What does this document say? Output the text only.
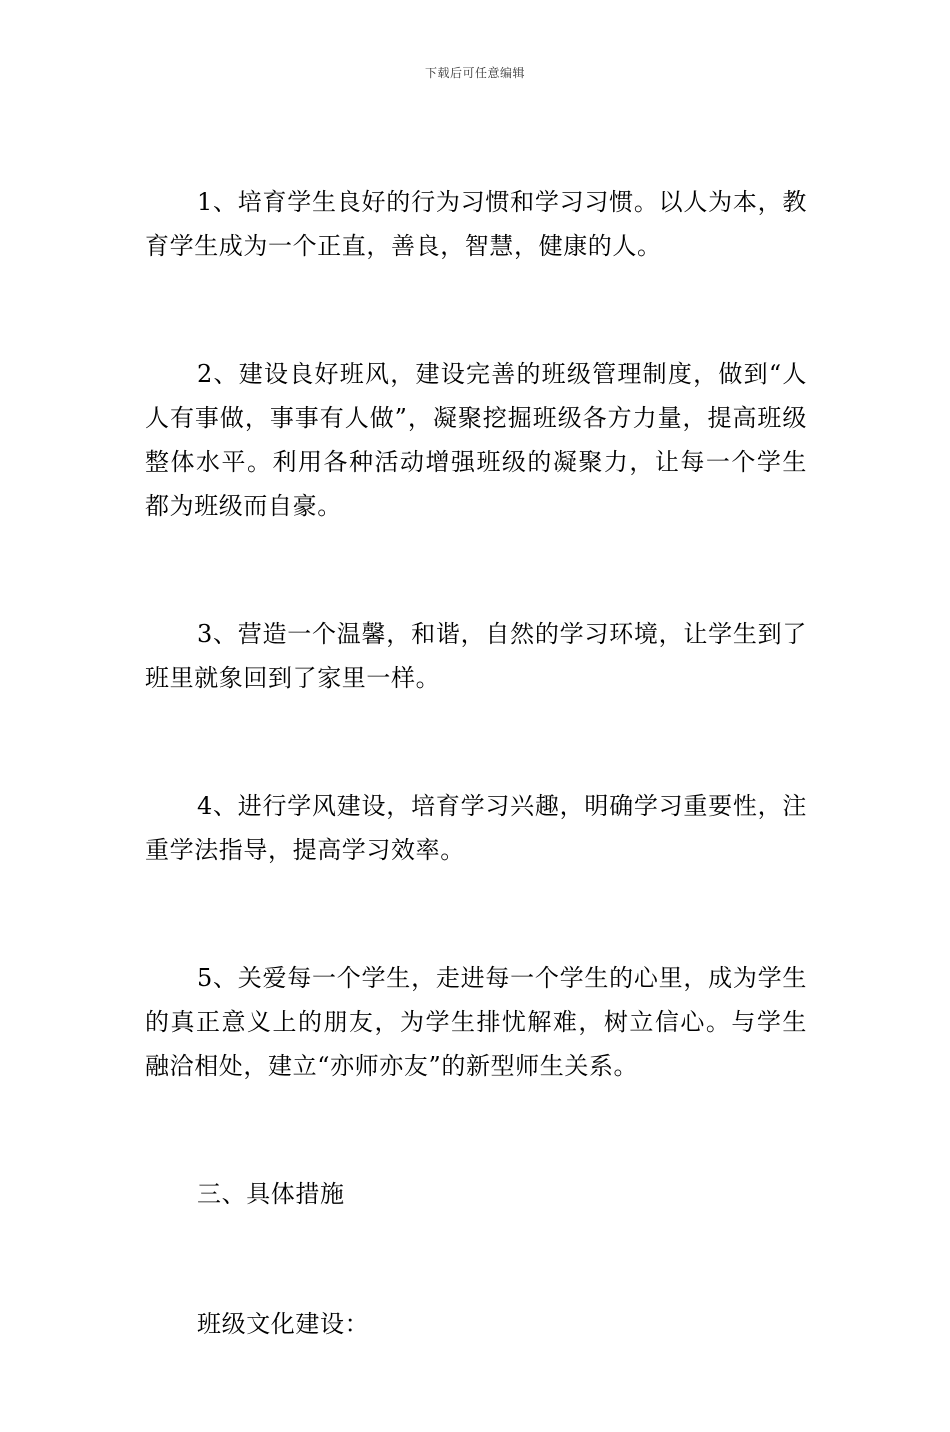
下载后可任意编辑

1、培育学生良好的行为习惯和学习习惯。以人为本，教育学生成为一个正直，善良，智慧，健康的人。

2、建设良好班风，建设完善的班级管理制度，做到“人人有事做，事事有人做”，凝聚挖掘班级各方力量，提高班级整体水平。利用各种活动增强班级的凝聚力，让每一个学生都为班级而自豪。

3、营造一个温馨，和谐，自然的学习环境，让学生到了班里就象回到了家里一样。

4、进行学风建设，培育学习兴趣，明确学习重要性，注重学法指导，提高学习效率。

5、关爱每一个学生，走进每一个学生的心里，成为学生的真正意义上的朋友，为学生排忧解难，树立信心。与学生融洽相处，建立“亦师亦友”的新型师生关系。

三、具体措施

班级文化建设：
